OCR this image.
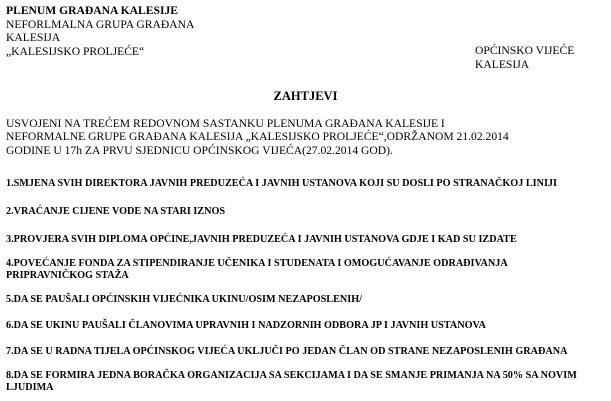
PLENUM GRAĐANA KALESIJE
NEFORLMALNA GRUPA GRAĐANA
KALESIJA
„KALESIJSKO PROLJEĆE“	OPĆINSKO VIJEĆE
KALESIJA
ZAHTJEVI
USVOJENI NA TREĆEM REDOVNOM SASTANKU PLENUMA GRAĐANA KALESIJE I
NEFORMALNE GRUPE GRAĐANA KALESIJA „KALESIJSKO PROLJEĆE“,ODRŽANOM 21.02.2014
GODINE U 17h ZA PRVU SJEDNICU OPĆINSKOG VIJEĆA(27.02.2014 GOD).
1.SMJENA SVIH DIREKTORA JAVNIH PREDUZEĆA I JAVNIH USTANOVA KOJI SU DOSLI PO STRANAČKOJ LINIJI
2.VRAĆANJE CIJENE VODE NA STARI IZNOS
3.PROVJERA SVIH DIPLOMA OPĆINE,JAVNIH PREDUZEĆA I JAVNIH USTANOVA GDJE I KAD SU IZDATE
4.POVEĆANJE FONDA ZA STIPENDIRANJE UČENIKA I STUDENATA I OMOGUĆAVANJE ODRAĐIVANJA
PRIPRAVNIČKOG STAŽA
5.DA SE PAUŠALI OPĆINSKIH VIJEĆNIKA UKINU/OSIM NEZAPOSLENIH/
6.DA SE UKINU PAUŠALI ČLANOVIMA UPRAVNIH I NADZORNIH ODBORA JP I JAVNIH USTANOVA
7.DA SE U RADNA TIJELA OPĆINSKOG VIJEĆA UKLJUČI PO JEDAN ČLAN OD STRANE NEZAPOSLENIH GRAĐANA
8.DA SE FORMIRA JEDNA BORAČKA ORGANIZACIJA SA SEKCIJAMA I DA SE SMANJE PRIMANJA NA 50% SA NOVIM
LJUDIMA
